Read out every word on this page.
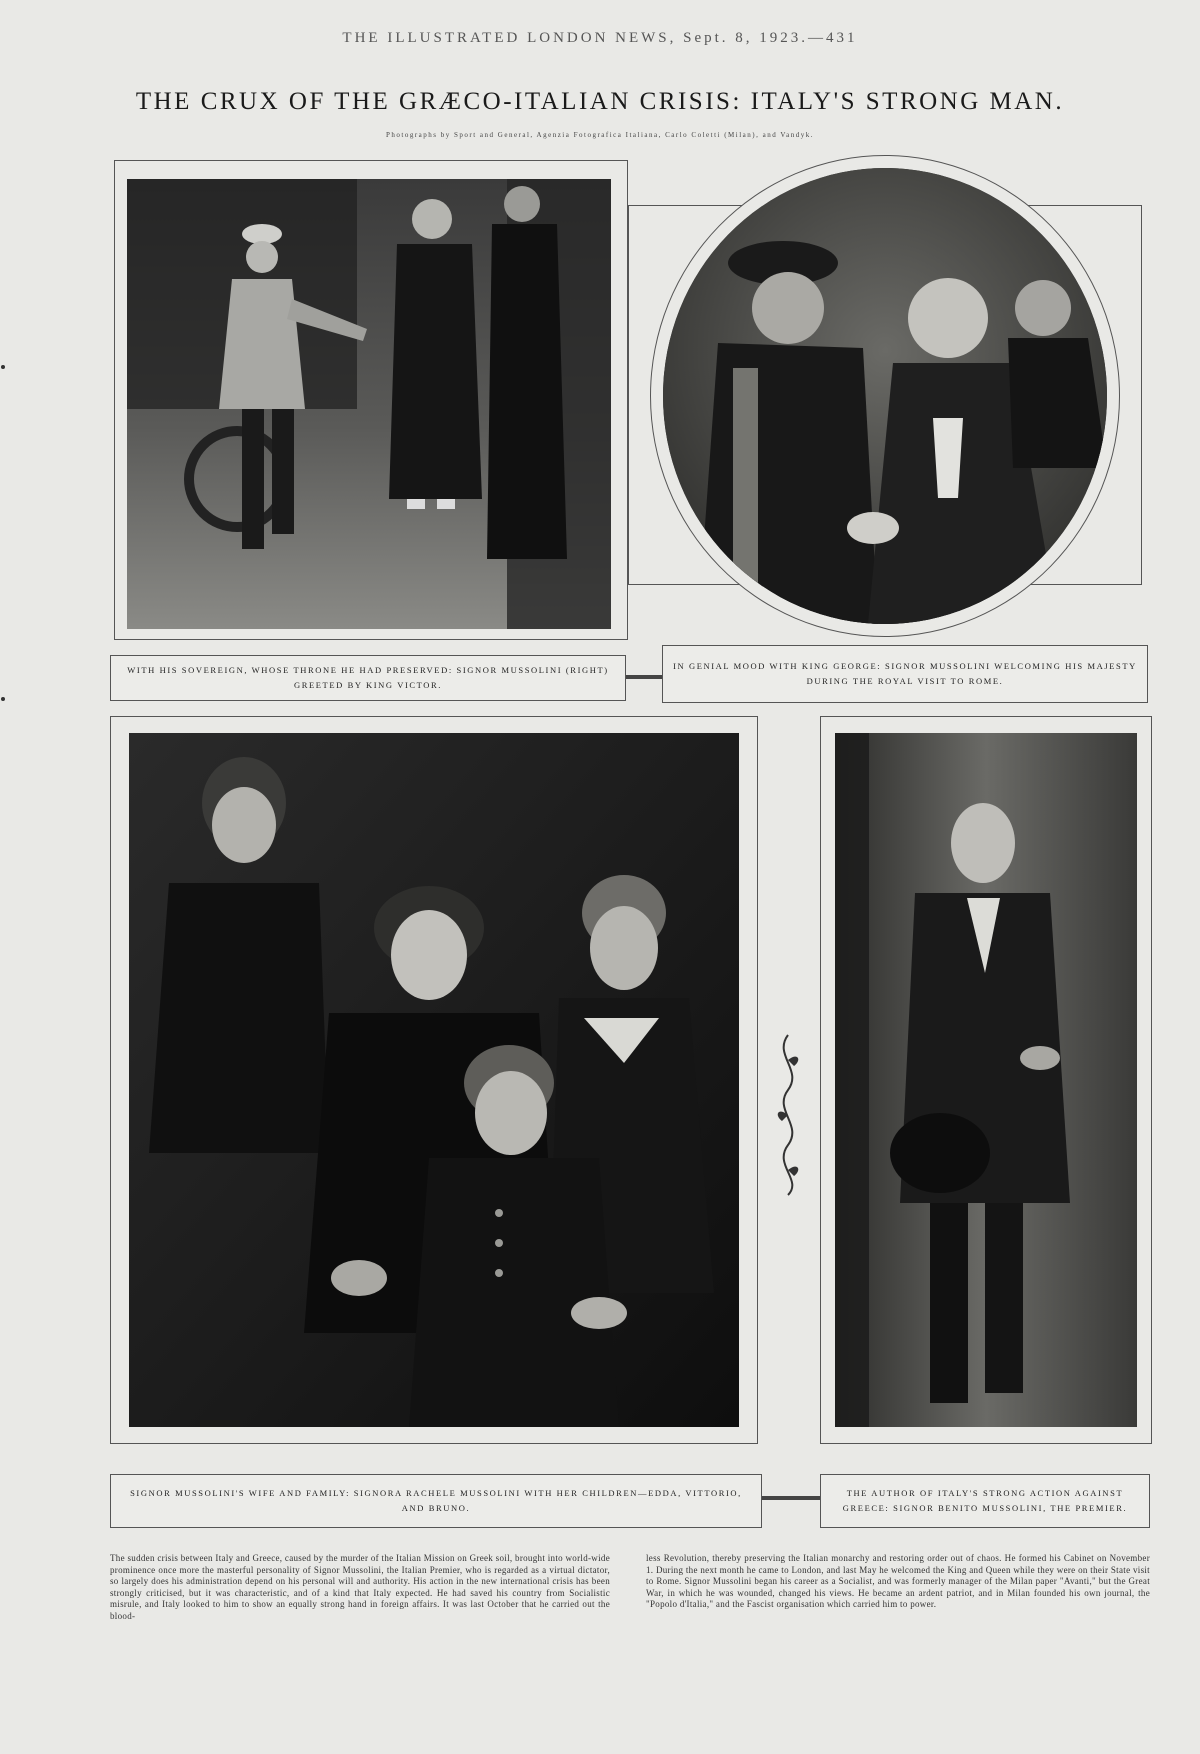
THE ILLUSTRATED LONDON NEWS, Sept. 8, 1923.—431
THE CRUX OF THE GRÆCO-ITALIAN CRISIS: ITALY'S STRONG MAN.
Photographs by Sport and General, Agenzia Fotografica Italiana, Carlo Coletti (Milan), and Vandyk.
WITH HIS SOVEREIGN, WHOSE THRONE HE HAD PRESERVED: SIGNOR MUSSOLINI (RIGHT) GREETED BY KING VICTOR.
IN GENIAL MOOD WITH KING GEORGE: SIGNOR MUSSOLINI WELCOMING HIS MAJESTY DURING THE ROYAL VISIT TO ROME.
SIGNOR MUSSOLINI'S WIFE AND FAMILY: SIGNORA RACHELE MUSSOLINI WITH HER CHILDREN—EDDA, VITTORIO, AND BRUNO.
THE AUTHOR OF ITALY'S STRONG ACTION AGAINST GREECE: SIGNOR BENITO MUSSOLINI, THE PREMIER.
The sudden crisis between Italy and Greece, caused by the murder of the Italian Mission on Greek soil, brought into world-wide prominence once more the masterful personality of Signor Mussolini, the Italian Premier, who is regarded as a virtual dictator, so largely does his administration depend on his personal will and authority. His action in the new international crisis has been strongly criticised, but it was characteristic, and of a kind that Italy expected. He had saved his country from Socialistic misrule, and Italy looked to him to show an equally strong hand in foreign affairs. It was last October that he carried out the blood-
less Revolution, thereby preserving the Italian monarchy and restoring order out of chaos. He formed his Cabinet on November 1. During the next month he came to London, and last May he welcomed the King and Queen while they were on their State visit to Rome. Signor Mussolini began his career as a Socialist, and was formerly manager of the Milan paper "Avanti," but the Great War, in which he was wounded, changed his views. He became an ardent patriot, and in Milan founded his own journal, the "Popolo d'Italia," and the Fascist organisation which carried him to power.
